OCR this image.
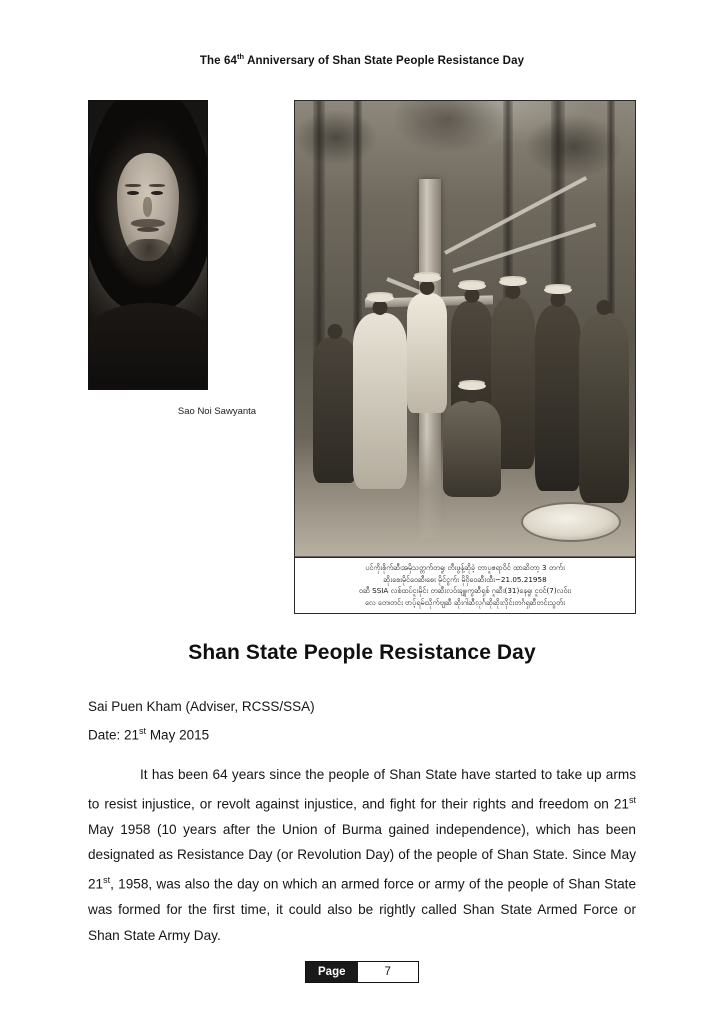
The 64th Anniversary of Shan State People Resistance Day
Sao Noi Sawyanta
ပင်ကိုးစိုက်ဆီ၊အမှိသတ္တက်တရူ၊ တီးဖွန့်ဆိုခဲ့ တာပူဧရာဝိင် ထာဆိတာ့ 3 တက်း
ဆိုးစေးမိုင်ဝေဆီ၊စေး မိုင်ငွက်း မိုဝိုဝေဆီးထီး−21.05.21958
ဝဆီ SSIA လစ်ထပ်ငူးမိုင်း တဆီးလဝ်းချူ၊ကွဆီရှစ် ဂူဆီး(31)နေရူ၊ ငူဝင်(7)လဝ်းး
လေ တေ၊တင်း ဗာပ့်ရမ်၊သိုက်ဗျဆီ ဆိုးဂါဆီလုင်္ဂဆိုဆိုးလိုင်းတင်္ဂရှဆီတင်းသွတ်း
Shan State People Resistance Day
Sai Puen Kham (Adviser, RCSS/SSA)
Date: 21st May 2015

It has been 64 years since the people of Shan State have started to take up arms to resist injustice, or revolt against injustice, and fight for their rights and freedom on 21st May 1958 (10 years after the Union of Burma gained independence), which has been designated as Resistance Day (or Revolution Day) of the people of Shan State. Since May 21st, 1958, was also the day on which an armed force or army of the people of Shan State was formed for the first time, it could also be rightly called Shan State Armed Force or Shan State Army Day.

Page	7
